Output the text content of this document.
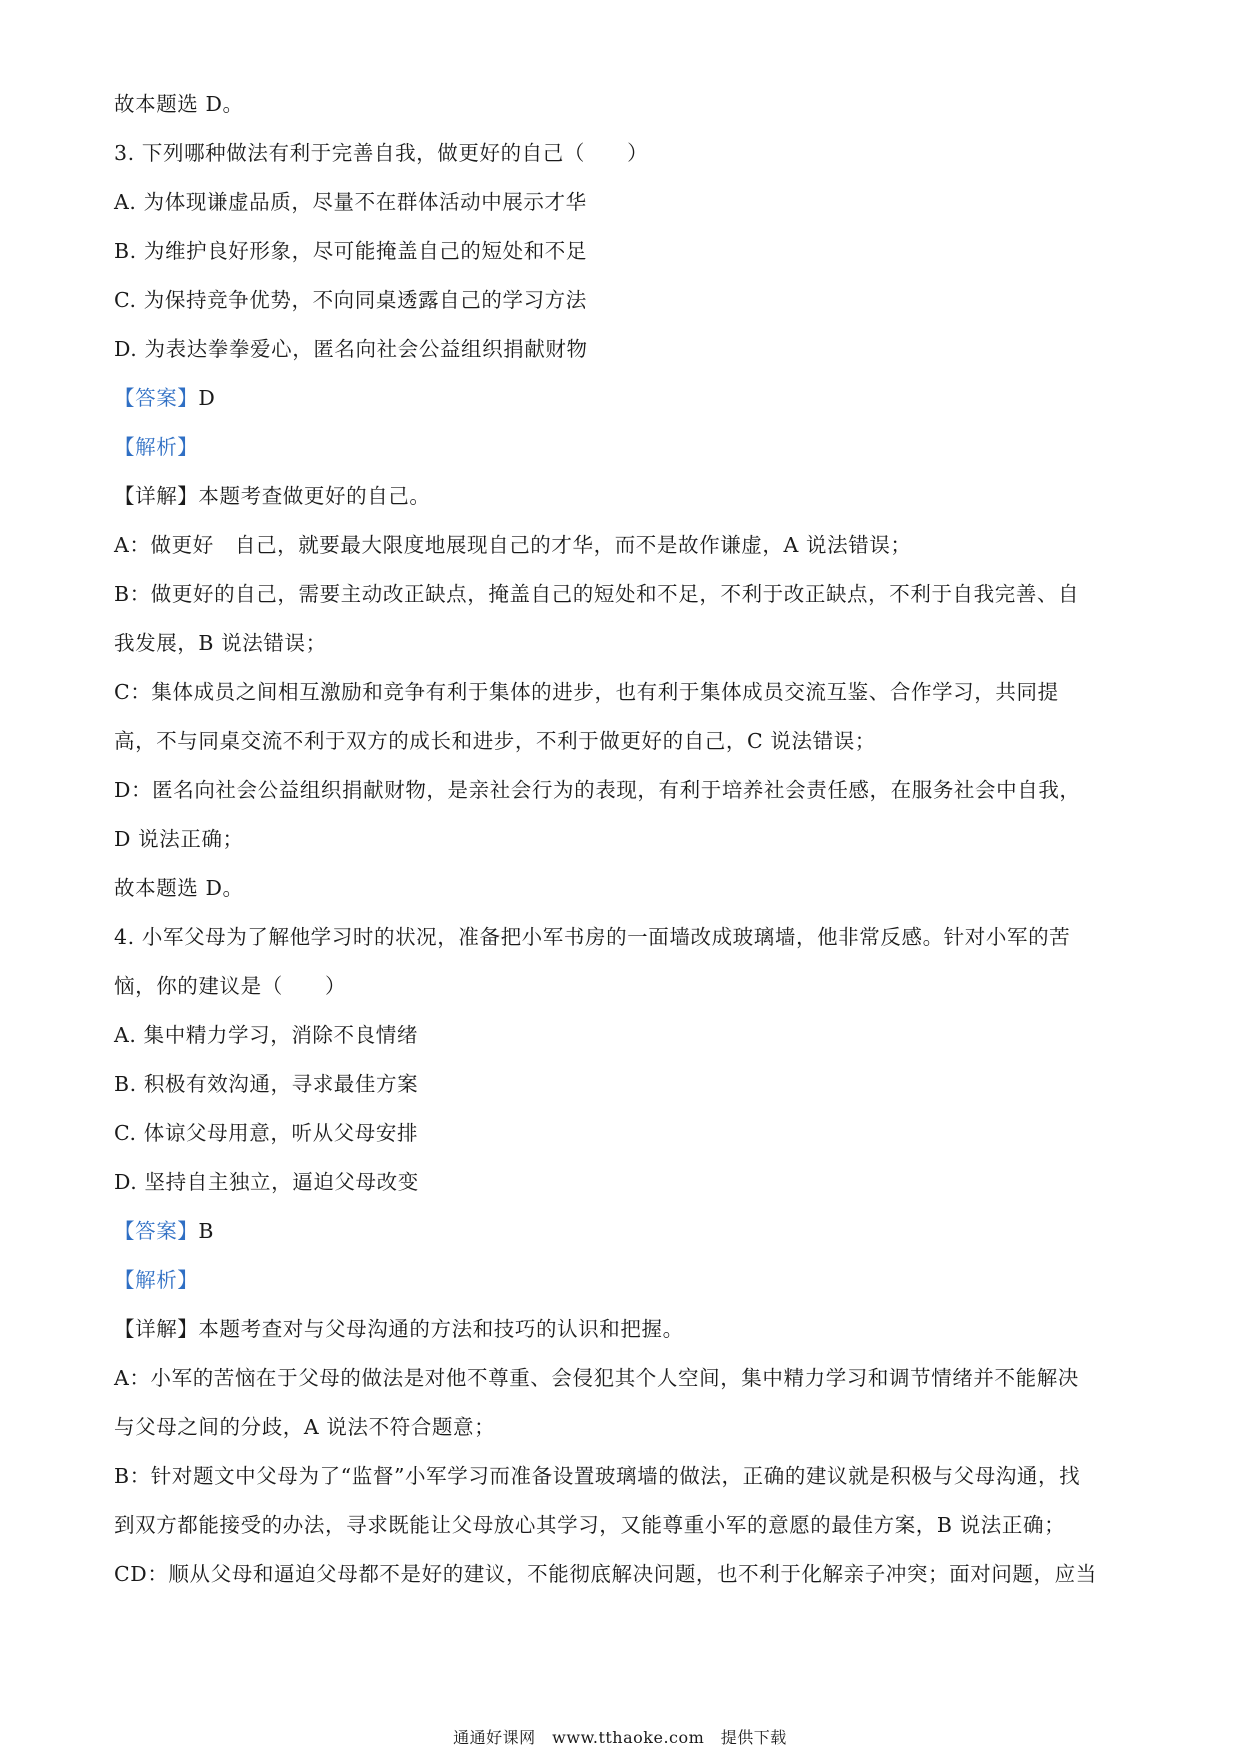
故本题选 D。
3. 下列哪种做法有利于完善自我，做更好的自己（　　）
A. 为体现谦虚品质，尽量不在群体活动中展示才华
B. 为维护良好形象，尽可能掩盖自己的短处和不足
C. 为保持竞争优势，不向同桌透露自己的学习方法
D. 为表达拳拳爱心，匿名向社会公益组织捐献财物
【答案】D
【解析】
【详解】本题考查做更好的自己。
A：做更好　自己，就要最大限度地展现自己的才华，而不是故作谦虚，A 说法错误；
B：做更好的自己，需要主动改正缺点，掩盖自己的短处和不足，不利于改正缺点，不利于自我完善、自
我发展，B 说法错误；
C：集体成员之间相互激励和竞争有利于集体的进步，也有利于集体成员交流互鉴、合作学习，共同提
高，不与同桌交流不利于双方的成长和进步，不利于做更好的自己，C 说法错误；
D：匿名向社会公益组织捐献财物，是亲社会行为的表现，有利于培养社会责任感，在服务社会中自我，
D 说法正确；
故本题选 D。
4. 小军父母为了解他学习时的状况，准备把小军书房的一面墙改成玻璃墙，他非常反感。针对小军的苦
恼，你的建议是（　　）
A. 集中精力学习，消除不良情绪
B. 积极有效沟通，寻求最佳方案
C. 体谅父母用意，听从父母安排
D. 坚持自主独立，逼迫父母改变
【答案】B
【解析】
【详解】本题考查对与父母沟通的方法和技巧的认识和把握。
A：小军的苦恼在于父母的做法是对他不尊重、会侵犯其个人空间，集中精力学习和调节情绪并不能解决
与父母之间的分歧，A 说法不符合题意；
B：针对题文中父母为了“监督”小军学习而准备设置玻璃墙的做法，正确的建议就是积极与父母沟通，找
到双方都能接受的办法，寻求既能让父母放心其学习，又能尊重小军的意愿的最佳方案，B 说法正确；
CD：顺从父母和逼迫父母都不是好的建议，不能彻底解决问题，也不利于化解亲子冲突；面对问题，应当
通通好课网　www.tthaoke.com　提供下载
